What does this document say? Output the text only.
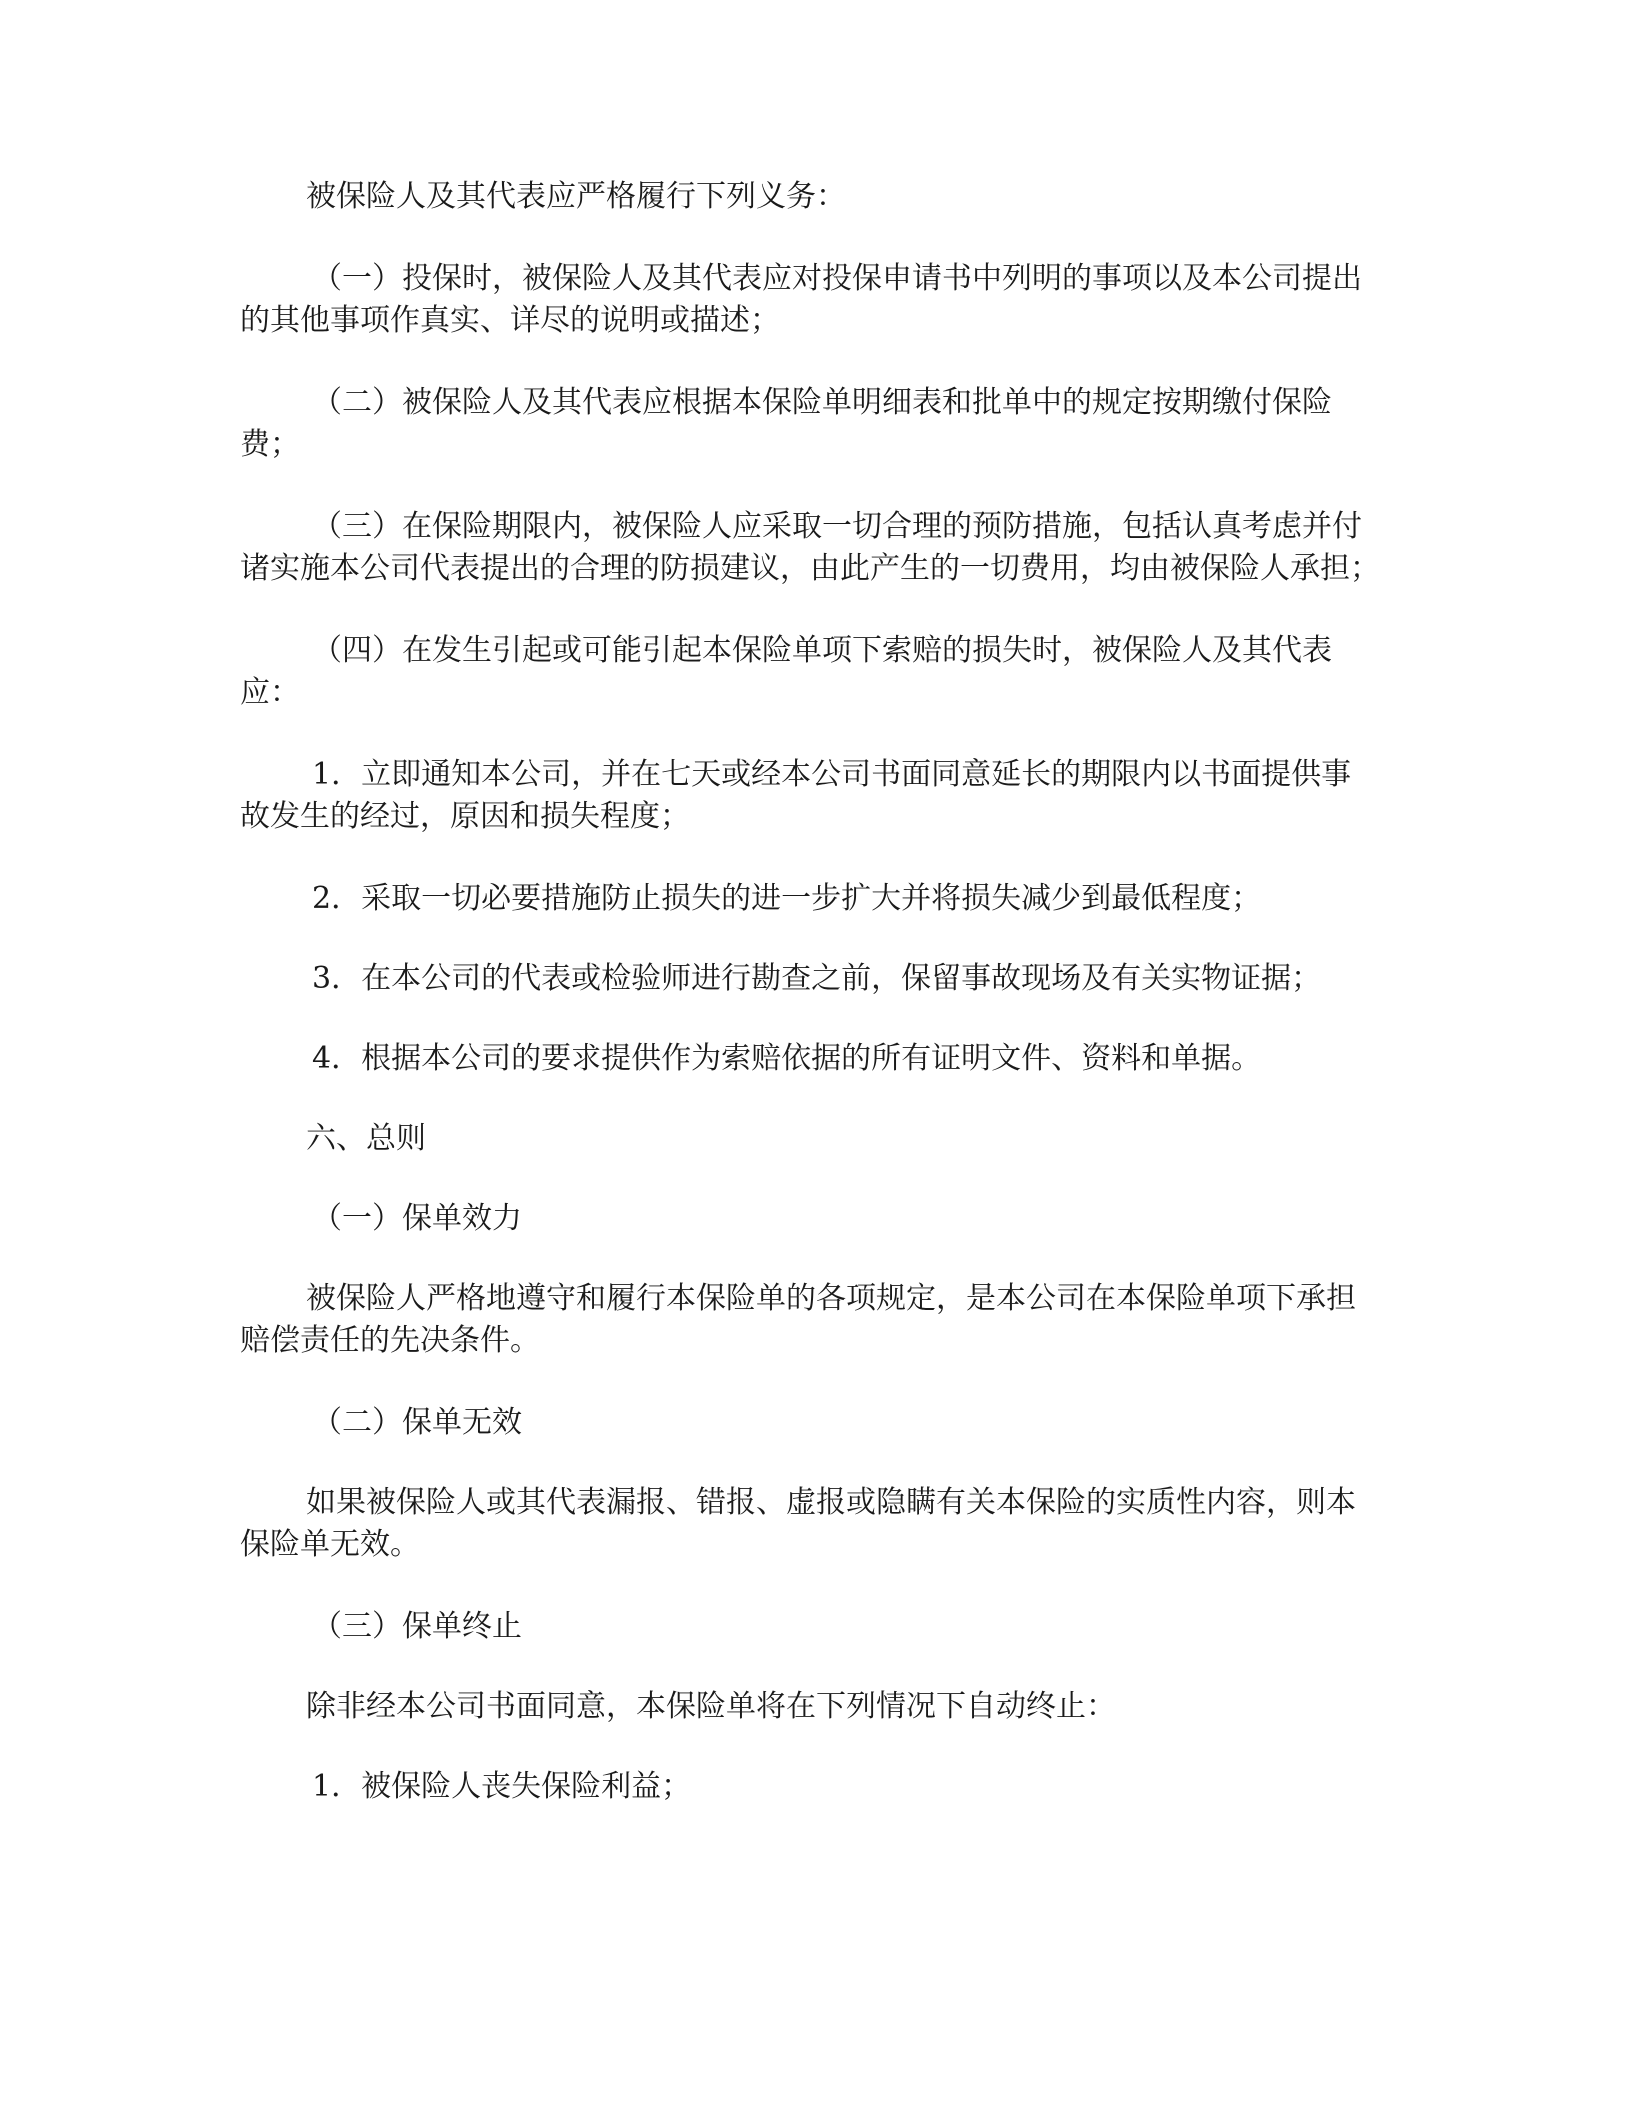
被保险人及其代表应严格履行下列义务：

（一）投保时，被保险人及其代表应对投保申请书中列明的事项以及本公司提出的其他事项作真实、详尽的说明或描述；

（二）被保险人及其代表应根据本保险单明细表和批单中的规定按期缴付保险费；

（三）在保险期限内，被保险人应采取一切合理的预防措施，包括认真考虑并付诸实施本公司代表提出的合理的防损建议，由此产生的一切费用，均由被保险人承担；

（四）在发生引起或可能引起本保险单项下索赔的损失时，被保险人及其代表应：

1．立即通知本公司，并在七天或经本公司书面同意延长的期限内以书面提供事故发生的经过，原因和损失程度；

2．采取一切必要措施防止损失的进一步扩大并将损失减少到最低程度；

3．在本公司的代表或检验师进行勘查之前，保留事故现场及有关实物证据；

4．根据本公司的要求提供作为索赔依据的所有证明文件、资料和单据。

六、总则

（一）保单效力

被保险人严格地遵守和履行本保险单的各项规定，是本公司在本保险单项下承担赔偿责任的先决条件。

（二）保单无效

如果被保险人或其代表漏报、错报、虚报或隐瞒有关本保险的实质性内容，则本保险单无效。

（三）保单终止

除非经本公司书面同意，本保险单将在下列情况下自动终止：

1．被保险人丧失保险利益；
